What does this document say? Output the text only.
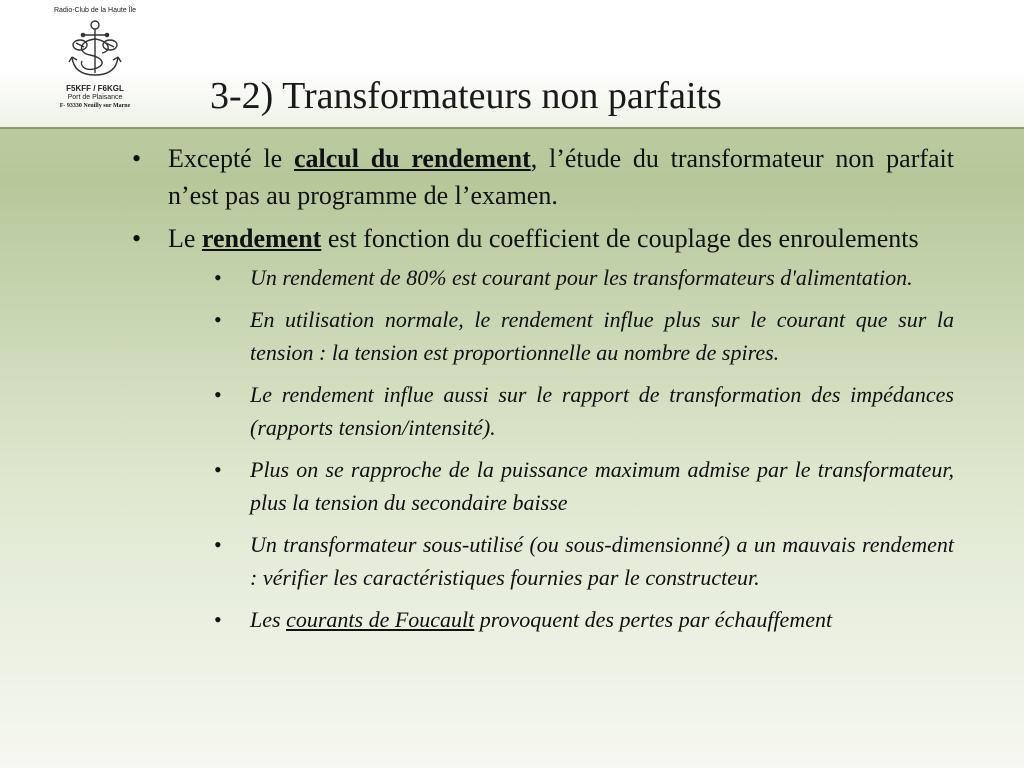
Radio-Club de la Haute Île
F5KFF / F6KGL
Port de Plaisance
F- 93330 Neuilly sur Marne	3-2) Transformateurs non parfaits
• Excepté le calcul du rendement, l’étude du transformateur non parfait n’est pas au programme de l’examen.
• Le rendement est fonction du coefficient de couplage des enroulements
• Un rendement de 80% est courant pour les transformateurs d'alimentation.
• En utilisation normale, le rendement influe plus sur le courant que sur la tension : la tension est proportionnelle au nombre de spires.
• Le rendement influe aussi sur le rapport de transformation des impédances (rapports tension/intensité).
• Plus on se rapproche de la puissance maximum admise par le transformateur, plus la tension du secondaire baisse
• Un transformateur sous-utilisé (ou sous-dimensionné) a un mauvais rendement : vérifier les caractéristiques fournies par le constructeur.
• Les courants de Foucault provoquent des pertes par échauffement
